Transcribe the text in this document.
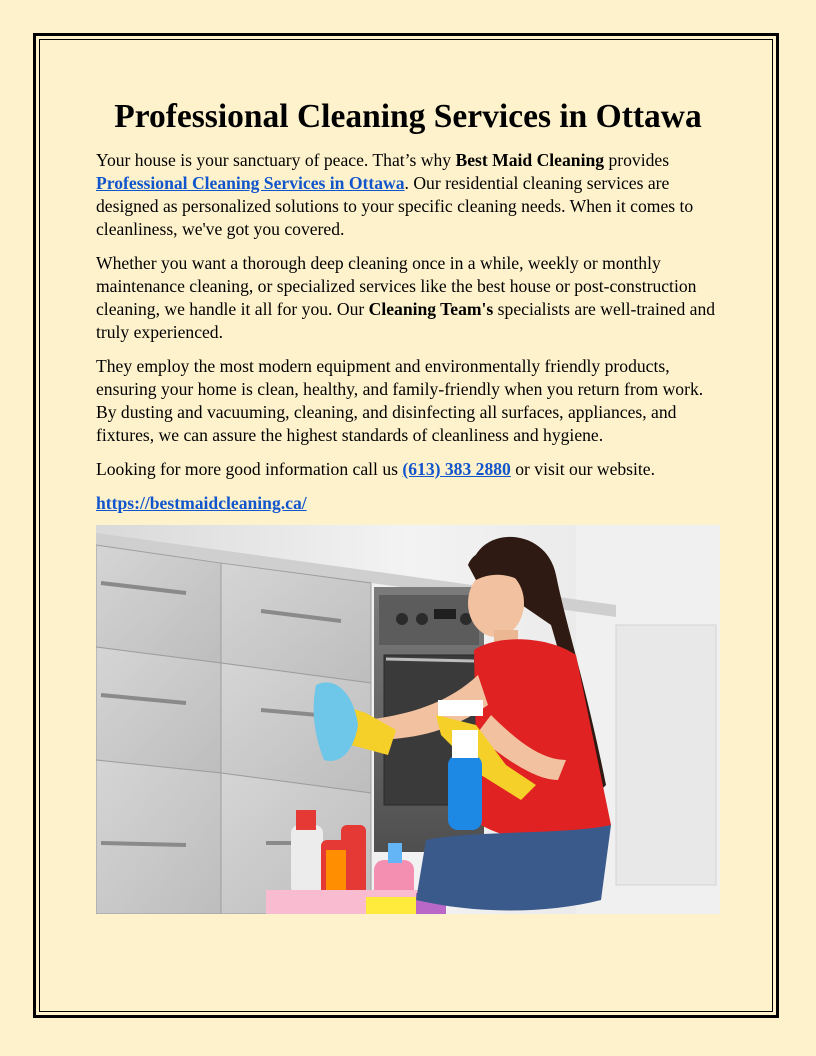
Professional Cleaning Services in Ottawa

Your house is your sanctuary of peace. That’s why Best Maid Cleaning provides Professional Cleaning Services in Ottawa. Our residential cleaning services are designed as personalized solutions to your specific cleaning needs. When it comes to cleanliness, we've got you covered.

Whether you want a thorough deep cleaning once in a while, weekly or monthly maintenance cleaning, or specialized services like the best house or post-construction cleaning, we handle it all for you. Our Cleaning Team's specialists are well-trained and truly experienced.

They employ the most modern equipment and environmentally friendly products, ensuring your home is clean, healthy, and family-friendly when you return from work. By dusting and vacuuming, cleaning, and disinfecting all surfaces, appliances, and fixtures, we can assure the highest standards of cleanliness and hygiene.

Looking for more good information call us (613) 383 2880 or visit our website.

https://bestmaidcleaning.ca/
